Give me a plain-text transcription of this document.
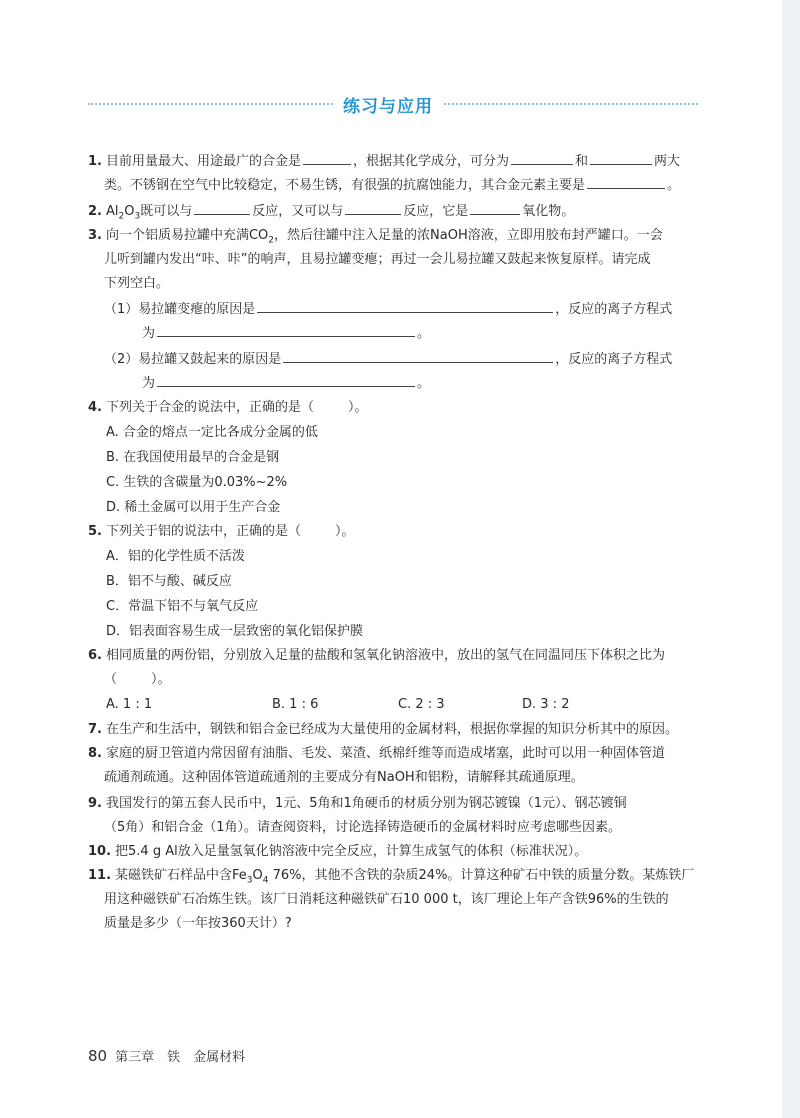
练习与应用
1. 目前用量最大、用途最广的合金是	，根据其化学成分，可分为	和	两大
类。不锈钢在空气中比较稳定，不易生锈，有很强的抗腐蚀能力，其合金元素主要是	。
2. $Al_2O_3$既可以与	反应，又可以与	反应，它是	氧化物。
3. 向一个铝质易拉罐中充满$CO_2$，然后往罐中注入足量的浓NaOH溶液，立即用胶布封严罐口。一会
儿听到罐内发出“咔、咔”的响声，且易拉罐变瘪；再过一会儿易拉罐又鼓起来恢复原样。请完成
下列空白。
（1）易拉罐变瘪的原因是	，反应的离子方程式
为	。
（2）易拉罐又鼓起来的原因是	，反应的离子方程式
为	。
4. 下列关于合金的说法中，正确的是（	）。
A. 合金的熔点一定比各成分金属的低
B. 在我国使用最早的合金是钢
C. 生铁的含碳量为0.03%~2%
D. 稀土金属可以用于生产合金
5. 下列关于铝的说法中，正确的是（	）。
A．铝的化学性质不活泼
B．铝不与酸、碱反应
C．常温下铝不与氧气反应
D．铝表面容易生成一层致密的氧化铝保护膜
6. 相同质量的两份铝，分别放入足量的盐酸和氢氧化钠溶液中，放出的氢气在同温同压下体积之比为
（	）。
A. 1 : 1	B. 1 : 6	C. 2 : 3	D. 3 : 2
7. 在生产和生活中，钢铁和铝合金已经成为大量使用的金属材料，根据你掌握的知识分析其中的原因。
8. 家庭的厨卫管道内常因留有油脂、毛发、菜渣、纸棉纤维等而造成堵塞，此时可以用一种固体管道
疏通剂疏通。这种固体管道疏通剂的主要成分有NaOH和铝粉，请解释其疏通原理。
9. 我国发行的第五套人民币中，1元、5角和1角硬币的材质分别为钢芯镀镍（1元）、钢芯镀铜
（5角）和铝合金（1角）。请查阅资料，讨论选择铸造硬币的金属材料时应考虑哪些因素。
10. 把5.4 g Al放入足量氢氧化钠溶液中完全反应，计算生成氢气的体积（标准状况）。
11. 某磁铁矿石样品中含$Fe_3O_4$ 76%，其他不含铁的杂质24%。计算这种矿石中铁的质量分数。某炼铁厂
用这种磁铁矿石冶炼生铁。该厂日消耗这种磁铁矿石10 000 t，该厂理论上年产含铁96%的生铁的
质量是多少（一年按360天计）?
80 第三章　铁　金属材料
